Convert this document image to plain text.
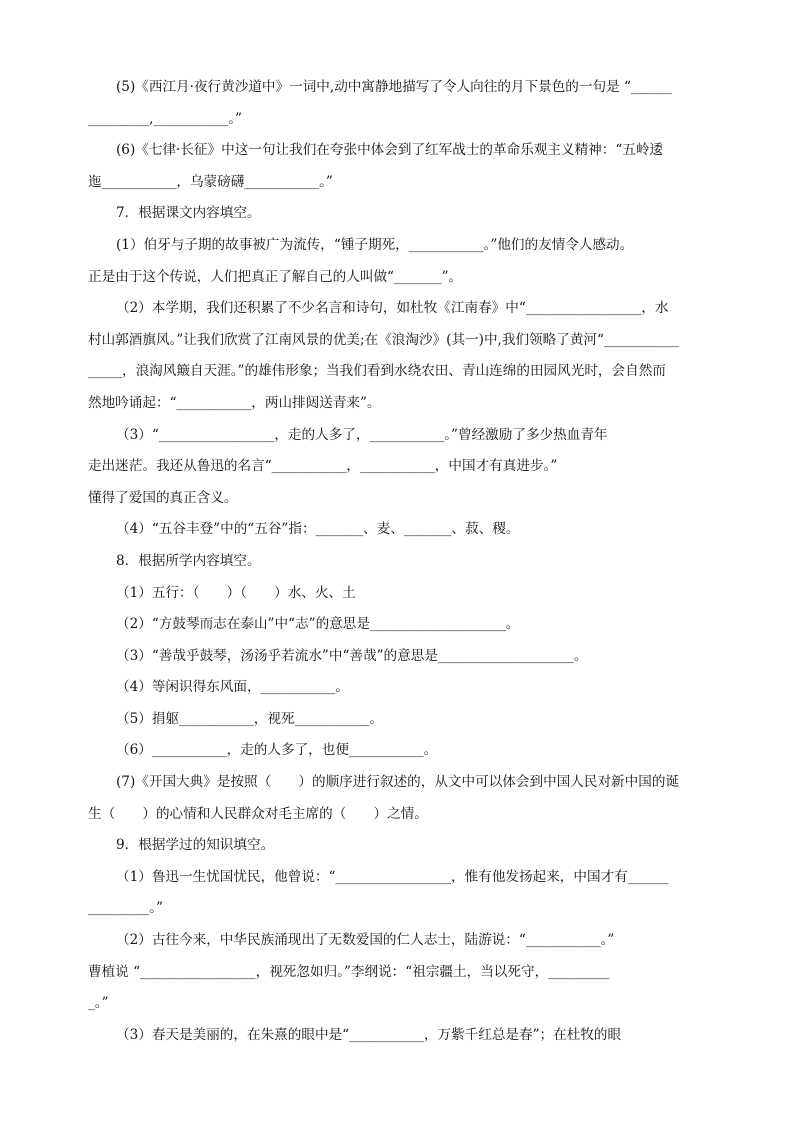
(5)《西江月·夜行黄沙道中》一词中,动中寓静地描写了令人向往的月下景色的一句是 “______
_________,___________。”
(6)《七律·长征》中这一句让我们在夸张中体会到了红军战士的革命乐观主义精神：“五岭逶
迤___________，乌蒙磅礴___________。”
7．根据课文内容填空。
(1）伯牙与子期的故事被广为流传，“锺子期死，___________。”他们的友情令人感动。
正是由于这个传说，人们把真正了解自己的人叫做“_______”。
（2）本学期，我们还积累了不少名言和诗句，如杜牧《江南春》中“_________________，水
村山郭酒旗风。”让我们欣赏了江南风景的优美;在《浪淘沙》(其一)中,我们领略了黄河“___________
_____，浪淘风簸自天涯。”的雄伟形象；当我们看到水绕农田、青山连绵的田园风光时，会自然而
然地吟诵起：“___________，两山排闼送青来”。
（3）“_________________，走的人多了，___________。”曾经激励了多少热血青年
走出迷茫。我还从鲁迅的名言“___________，___________，中国才有真进步。”
懂得了爱国的真正含义。
（4）“五谷丰登”中的“五谷”指：_______、麦、_______、菽、稷。
8．根据所学内容填空。
（1）五行：（　　）（　　）水、火、土
（2）“方鼓琴而志在泰山”中“志”的意思是____________________。
（3）“善哉乎鼓琴，汤汤乎若流水”中“善哉”的意思是____________________。
（4）等闲识得东风面，___________。
（5）捐躯___________，视死___________。
（6）___________，走的人多了，也便___________。
(7)《开国大典》是按照（　　）的顺序进行叙述的，从文中可以体会到中国人民对新中国的诞
生（　　）的心情和人民群众对毛主席的（　　）之情。
9．根据学过的知识填空。
（1）鲁迅一生忧国忧民，他曾说：“_________________，惟有他发扬起来，中国才有______
_________。”
（2）古往今来，中华民族涌现出了无数爱国的仁人志士，陆游说：“___________。”
曹植说 “_________________，视死忽如归。”李纲说：“祖宗疆土，当以死守，_________
_。”
（3）春天是美丽的，在朱熹的眼中是“___________，万紫千红总是春”；在杜牧的眼
